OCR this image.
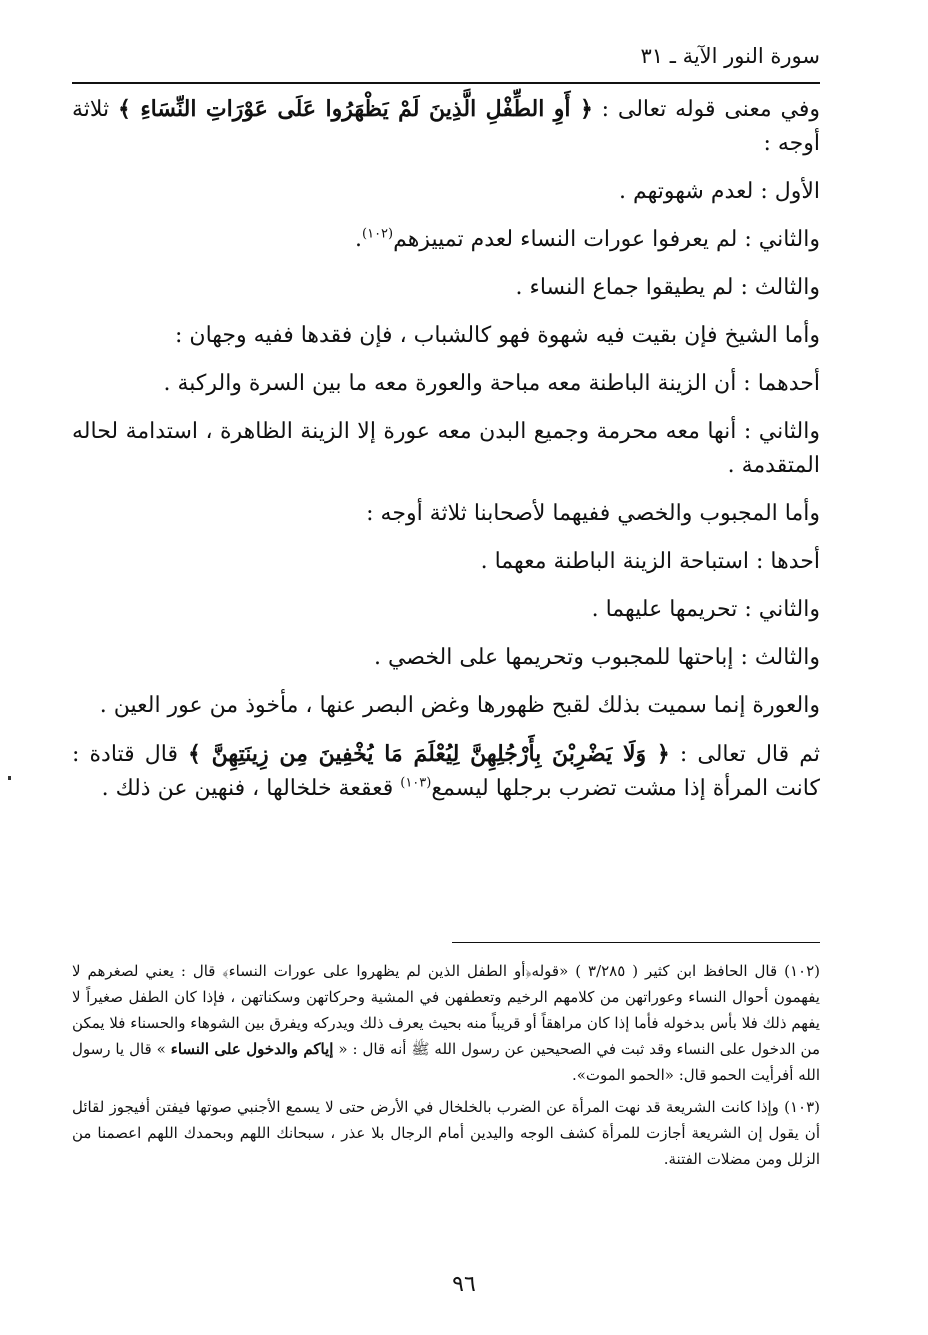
سورة النور الآية ـ ٣١

وفي معنى قوله تعالى : ﴿ أَوِ الطِّفْلِ الَّذِينَ لَمْ يَظْهَرُوا عَلَى عَوْرَاتِ النِّسَاءِ ﴾ ثلاثة أوجه :

الأول : لعدم شهوتهم .

والثاني : لم يعرفوا عورات النساء لعدم تمييزهم$^{(١٠٢)}$.

والثالث : لم يطيقوا جماع النساء .

وأما الشيخ فإن بقيت فيه شهوة فهو كالشباب ، فإن فقدها ففيه وجهان :

أحدهما : أن الزينة الباطنة معه مباحة والعورة معه ما بين السرة والركبة .

والثاني : أنها معه محرمة وجميع البدن معه عورة إلا الزينة الظاهرة ، استدامة لحاله المتقدمة .

وأما المجبوب والخصي ففيهما لأصحابنا ثلاثة أوجه :

أحدها : استباحة الزينة الباطنة معهما .

والثاني : تحريمها عليهما .

والثالث : إباحتها للمجبوب وتحريمها على الخصي .

والعورة إنما سميت بذلك لقبح ظهورها وغض البصر عنها ، مأخوذ من عور العين .

ثم قال تعالى : ﴿ وَلَا يَضْرِبْنَ بِأَرْجُلِهِنَّ لِيُعْلَمَ مَا يُخْفِينَ مِن زِينَتِهِنَّ ﴾ قال قتادة : كانت المرأة إذا مشت تضرب برجلها ليسمع$^{(١٠٣)}$ قعقعة خلخالها ، فنهين عن ذلك .

(١٠٢) قال الحافظ ابن كثير ( ٣/٢٨٥ ) «قوله﴿أو الطفل الذين لم يظهروا على عورات النساء﴾ قال : يعني لصغرهم لا يفهمون أحوال النساء وعوراتهن من كلامهم الرخيم وتعطفهن في المشية وحركاتهن وسكناتهن ، فإذا كان الطفل صغيراً لا يفهم ذلك فلا بأس بدخوله فأما إذا كان مراهقاً أو قريباً منه بحيث يعرف ذلك ويدركه ويفرق بين الشوهاء والحسناء فلا يمكن من الدخول على النساء وقد ثبت في الصحيحين عن رسول الله ﷺ أنه قال : « إياكم والدخول على النساء » قال يا رسول الله أفرأيت الحمو قال: «الحمو الموت».

(١٠٣) وإذا كانت الشريعة قد نهت المرأة عن الضرب بالخلخال في الأرض حتى لا يسمع الأجنبي صوتها فيفتن أفيجوز لقائل أن يقول إن الشريعة أجازت للمرأة كشف الوجه واليدين أمام الرجال بلا عذر ، سبحانك اللهم وبحمدك اللهم اعصمنا من الزلل ومن مضلات الفتنة.

٩٦
